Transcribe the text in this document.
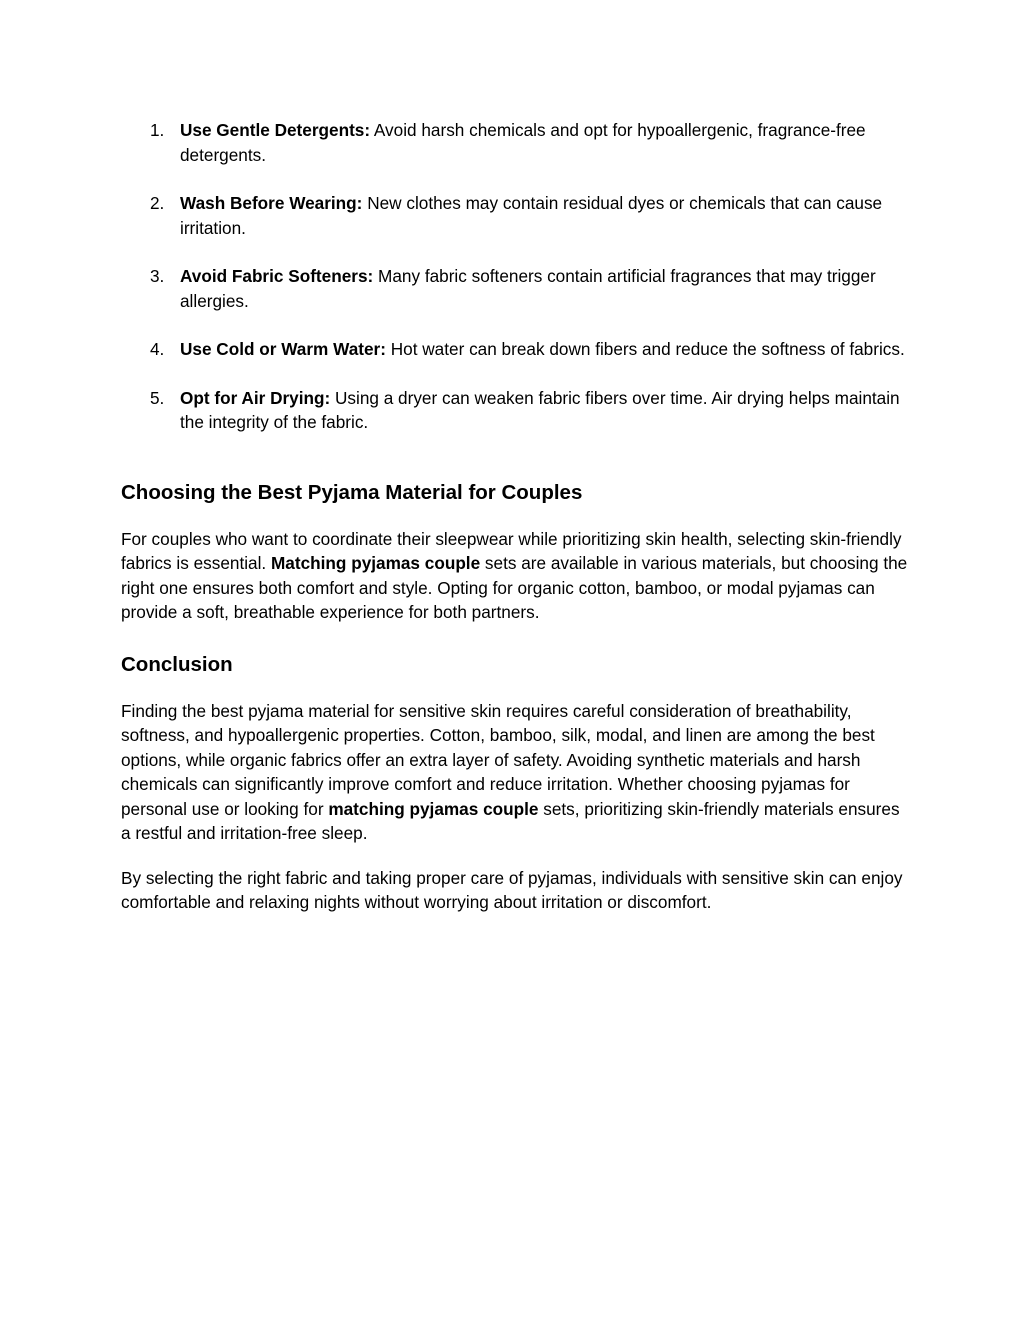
1. Use Gentle Detergents: Avoid harsh chemicals and opt for hypoallergenic, fragrance-free detergents.
2. Wash Before Wearing: New clothes may contain residual dyes or chemicals that can cause irritation.
3. Avoid Fabric Softeners: Many fabric softeners contain artificial fragrances that may trigger allergies.
4. Use Cold or Warm Water: Hot water can break down fibers and reduce the softness of fabrics.
5. Opt for Air Drying: Using a dryer can weaken fabric fibers over time. Air drying helps maintain the integrity of the fabric.
Choosing the Best Pyjama Material for Couples

For couples who want to coordinate their sleepwear while prioritizing skin health, selecting skin-friendly fabrics is essential. Matching pyjamas couple sets are available in various materials, but choosing the right one ensures both comfort and style. Opting for organic cotton, bamboo, or modal pyjamas can provide a soft, breathable experience for both partners.

Conclusion

Finding the best pyjama material for sensitive skin requires careful consideration of breathability, softness, and hypoallergenic properties. Cotton, bamboo, silk, modal, and linen are among the best options, while organic fabrics offer an extra layer of safety. Avoiding synthetic materials and harsh chemicals can significantly improve comfort and reduce irritation. Whether choosing pyjamas for personal use or looking for matching pyjamas couple sets, prioritizing skin-friendly materials ensures a restful and irritation-free sleep.

By selecting the right fabric and taking proper care of pyjamas, individuals with sensitive skin can enjoy comfortable and relaxing nights without worrying about irritation or discomfort.
